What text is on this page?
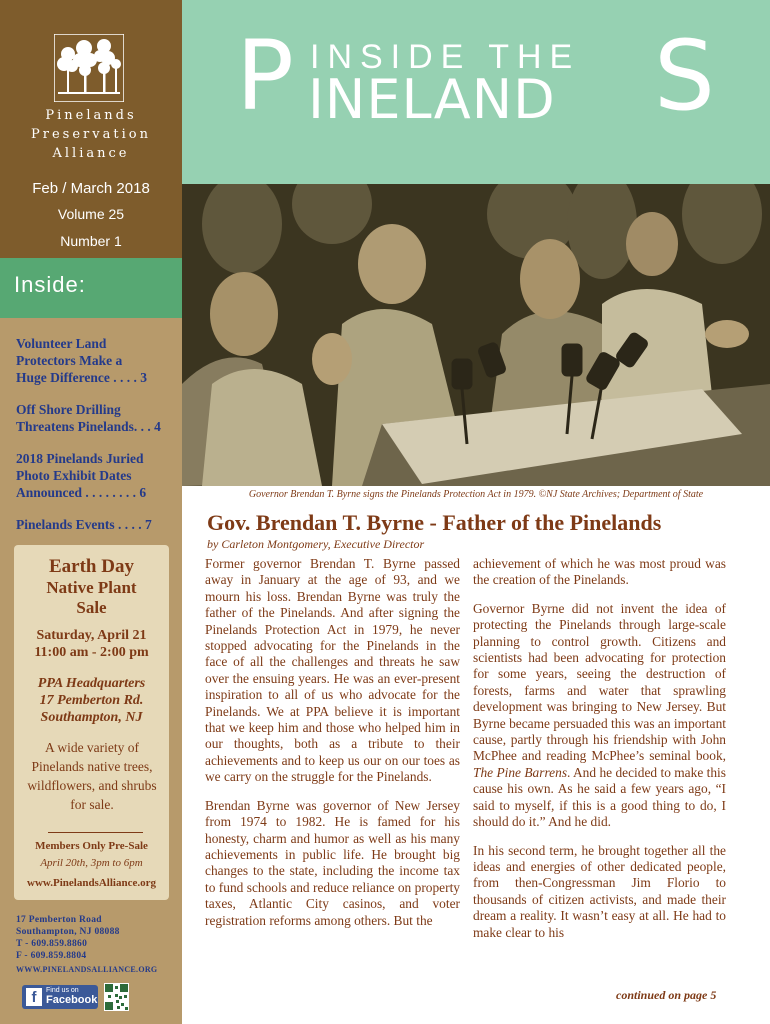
Pinelands
Preservation
Alliance
Feb / March 2018
Volume 25
Number 1
Inside:
Volunteer Land
Protectors Make a
Huge Difference . . . . 3
Off Shore Drilling
Threatens Pinelands. . . 4
2018 Pinelands Juried
Photo Exhibit Dates
Announced . . . . . . . . 6
Pinelands Events . . . . 7
Earth Day
Native Plant
Sale
Saturday, April 21
11:00 am - 2:00 pm
PPA Headquarters
17 Pemberton Rd.
Southampton, NJ
A wide variety of Pinelands native trees, wildflowers, and shrubs for sale.
Members Only Pre-Sale
April 20th, 3pm to 6pm
www.PinelandsAlliance.org
17 Pemberton Road
Southampton, NJ 08088
T - 609.859.8860
F - 609.859.8804
WWW.PINELANDSALLIANCE.ORG
f	Find us on
Facebook
INSIDE THE
P INELAND S
Governor Brendan T. Byrne signs the Pinelands Protection Act in 1979. ©NJ State Archives; Department of State
Gov. Brendan T. Byrne - Father of the Pinelands
by Carleton Montgomery, Executive Director

Former governor Brendan T. Byrne passed away in January at the age of 93, and we mourn his loss. Brendan Byrne was truly the father of the Pinelands. And after signing the Pinelands Protection Act in 1979, he never stopped advocating for the Pinelands in the face of all the challenges and threats he saw over the ensuing years. He was an ever-present inspiration to all of us who advocate for the Pinelands. We at PPA believe it is important that we keep him and those who helped him in our thoughts, both as a tribute to their achievements and to keep us our on our toes as we carry on the struggle for the Pinelands.

Brendan Byrne was governor of New Jersey from 1974 to 1982. He is famed for his honesty, charm and humor as well as his many achievements in public life. He brought big changes to the state, including the income tax to fund schools and reduce reliance on property taxes, Atlantic City casinos, and voter registration reforms among others. But the

achievement of which he was most proud was the creation of the Pinelands.

Governor Byrne did not invent the idea of protecting the Pinelands through large-scale planning to control growth. Citizens and scientists had been advocating for protection for some years, seeing the destruction of forests, farms and water that sprawling development was bringing to New Jersey. But Byrne became persuaded this was an important cause, partly through his friendship with John McPhee and reading McPhee’s seminal book, The Pine Barrens. And he decided to make this cause his own. As he said a few years ago, “I said to myself, if this is a good thing to do, I should do it.” And he did.

In his second term, he brought together all the ideas and energies of other dedicated people, from then-Congressman Jim Florio to thousands of citizen activists, and made their dream a reality. It wasn’t easy at all. He had to make clear to his

continued on page 5
